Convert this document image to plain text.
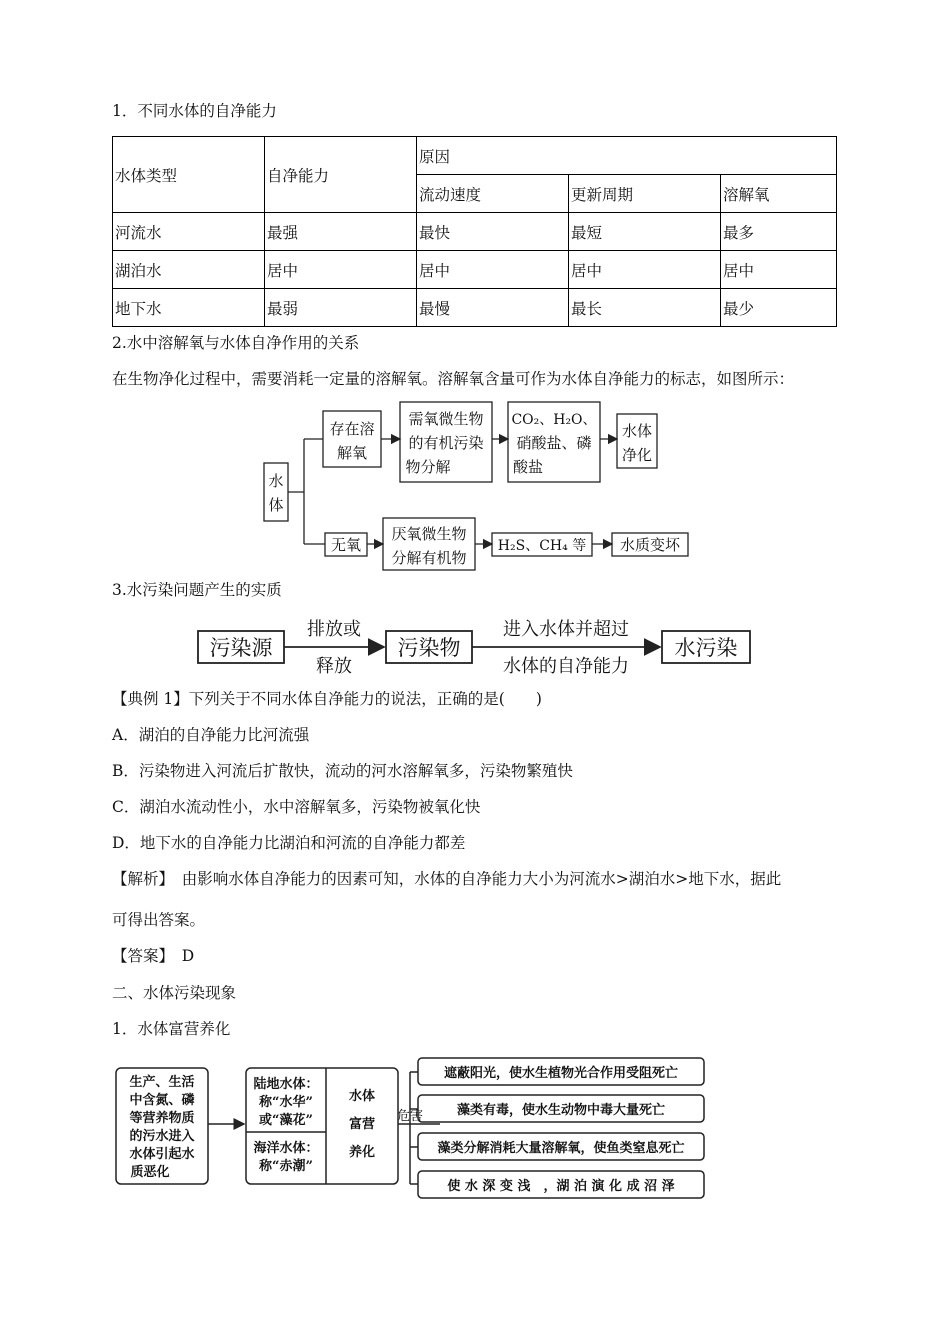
1．不同水体的自净能力
水体类型	自净能力	原因		
		流动速度	更新周期	溶解氧
河流水	最强	最快	最短	最多
湖泊水	居中	居中	居中	居中
地下水	最弱	最慢	最长	最少
2.水中溶解氧与水体自净作用的关系
在生物净化过程中，需要消耗一定量的溶解氧。溶解氧含量可作为水体自净能力的标志，如图所示：
水
体
存在溶
解氧
需氧微生物
的有机污染
物分解
CO₂、H₂O、
硝酸盐、磷
酸盐
水体
净化
无氧
厌氧微生物
分解有机物
H₂S、CH₄ 等 水质变坏
3.水污染问题产生的实质
污染源
排放或
释放
污染物
进入水体并超过
水体的自净能力
水污染
【典例 1】下列关于不同水体自净能力的说法，正确的是(　　)
A．湖泊的自净能力比河流强
B．污染物进入河流后扩散快，流动的河水溶解氧多，污染物繁殖快
C．湖泊水流动性小，水中溶解氧多，污染物被氧化快
D．地下水的自净能力比湖泊和河流的自净能力都差
【解析】　由影响水体自净能力的因素可知，水体的自净能力大小为河流水>湖泊水>地下水，据此
可得出答案。
【答案】　D
二、水体污染现象
1．水体富营养化
生产、生活
中含氮、磷
等营养物质
的污水进入
水体引起水
质恶化
陆地水体：
称“水华”
或“藻花”
海洋水体：
称“赤潮”
水体
富营
养化
危害
遮蔽阳光，使水生植物光合作用受阻死亡
藻类有毒，使水生动物中毒大量死亡
藻类分解消耗大量溶解氧，使鱼类窒息死亡
使 水 深 变 浅　，湖 泊 演 化 成 沼 泽
